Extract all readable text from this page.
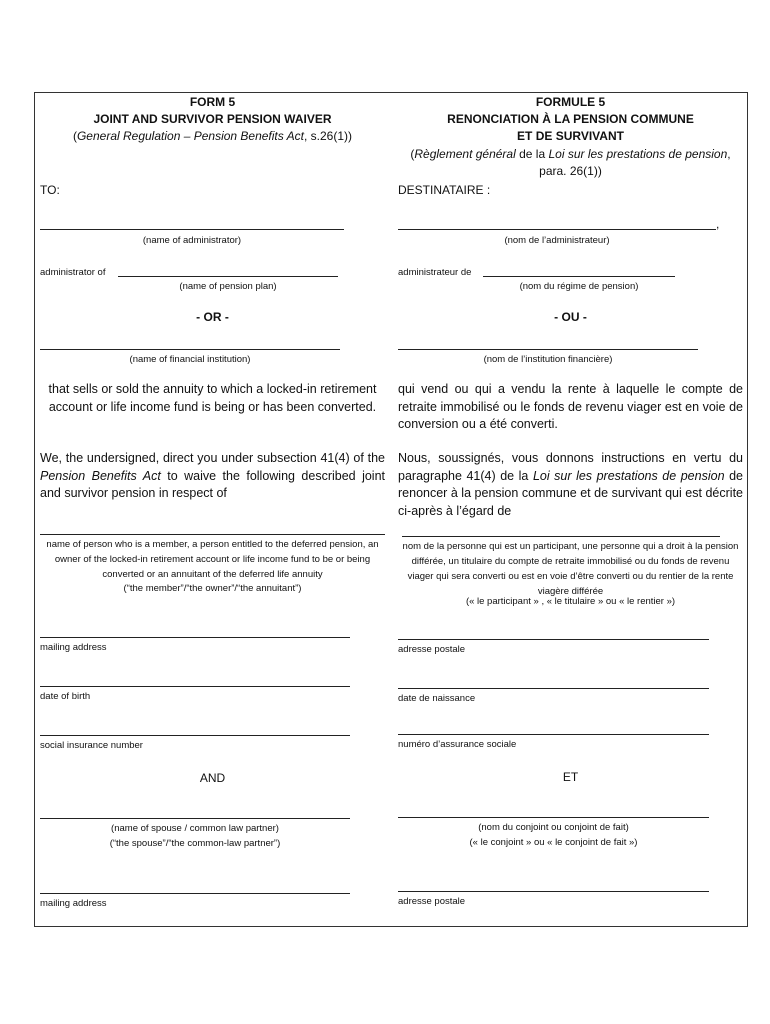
FORM 5
JOINT AND SURVIVOR PENSION WAIVER
(General Regulation – Pension Benefits Act, s.26(1))
TO:
(name of administrator)
administrator of
(name of pension plan)
- OR -
(name of financial institution)
that sells or sold the annuity to which a locked-in retirement account or life income fund is being or has been converted.
We, the undersigned, direct you under subsection 41(4) of the Pension Benefits Act to waive the following described joint and survivor pension in respect of
name of person who is a member, a person entitled to the deferred pension, an owner of the locked-in retirement account or life income fund to be or being converted or an annuitant of the deferred life annuity
(“the member”/“the owner”/“the annuitant”)
mailing address
date of birth
social insurance number
AND
(name of spouse / common law partner)
(“the spouse”/“the common-law partner”)
mailing address
FORMULE 5
RENONCIATION À LA PENSION COMMUNE
ET DE SURVIVANT
(Règlement général de la Loi sur les prestations de pension,
para. 26(1))
DESTINATAIRE :
,
(nom de l’administrateur)
administrateur de
(nom du régime de pension)
- OU -
(nom de l’institution financière)
qui vend ou qui a vendu la rente à laquelle le compte de retraite immobilisé ou le fonds de revenu viager est en voie de conversion ou a été converti.
Nous, soussignés, vous donnons instructions en vertu du paragraphe 41(4) de la Loi sur les prestations de pension de renoncer à la pension commune et de survivant qui est décrite ci-après à l’égard de
nom de la personne qui est un participant, une personne qui a droit à la pension différée, un titulaire du compte de retraite immobilisé ou du fonds de revenu viager qui sera converti ou est en voie d’être converti ou du rentier de la rente viagère différée
(« le participant » , « le titulaire » ou « le rentier »)
adresse postale
date de naissance
numéro d’assurance sociale
ET
(nom du conjoint ou conjoint de fait)
(« le conjoint » ou « le conjoint de fait »)
adresse postale
